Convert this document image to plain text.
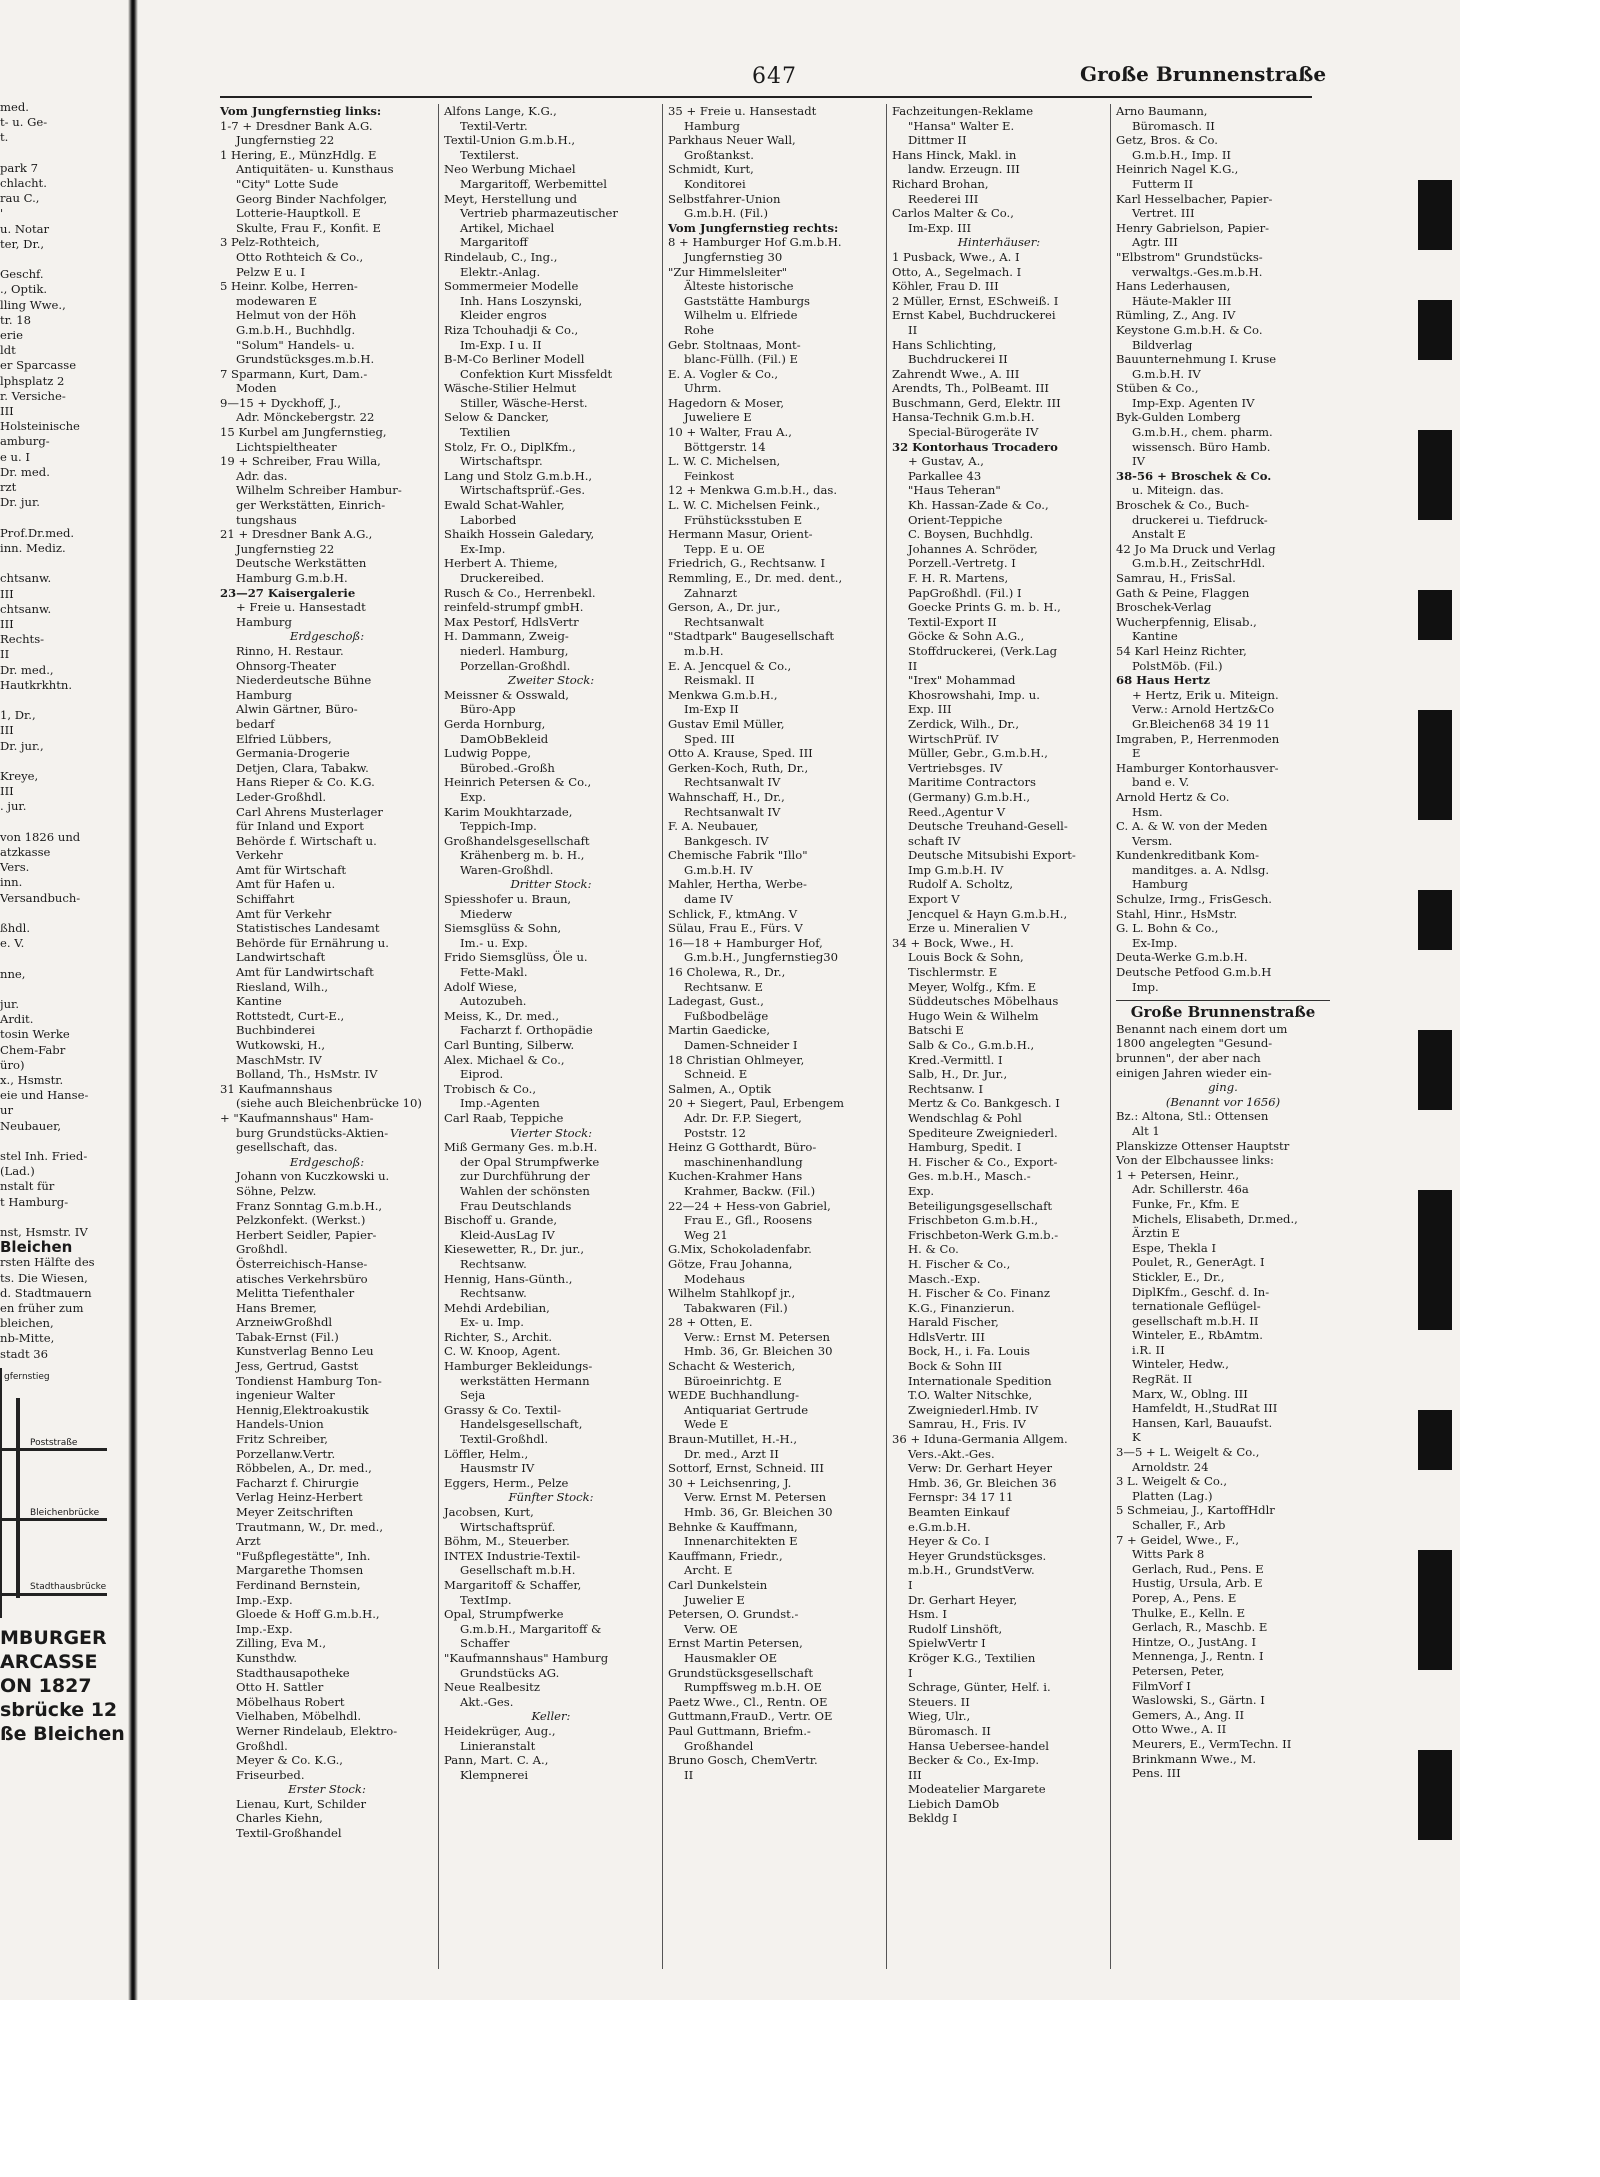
med.
t- u. Ge-
t.

park 7
chlacht.
rau C.,
'
u. Notar
ter, Dr.,

Geschf.
., Optik.
lling Wwe.,
tr. 18
erie
ldt
er Sparcasse
lphsplatz 2
r. Versiche-
III
Holsteinische
amburg-
e u. I
Dr. med.
rzt
Dr. jur.

Prof.Dr.med.
inn. Mediz.

chtsanw.
III
chtsanw.
III
Rechts-
II
Dr. med.,
Hautkrkhtn.

1, Dr.,
III
Dr. jur.,

Kreye,
III
. jur.

von 1826 und
atzkasse
Vers.
inn.
Versandbuch-

ßhdl.
e. V.

nne,

jur.
Ardit.
tosin Werke
Chem-Fabr
üro)
x., Hsmstr.
eie und Hanse-
ur
Neubauer,

stel Inh. Fried-
(Lad.)
nstalt für
t Hamburg-

nst, Hsmstr. IV
Bleichen
rsten Hälfte des
ts. Die Wiesen,
d. Stadtmauern
en früher zum
bleichen,
nb-Mitte,
stadt 36
gfernstieg
Poststraße
Bleichenbrücke
Stadthausbrücke
MBURGER
ARCASSE
ON 1827
sbrücke 12
ße Bleichen
647	Große Brunnenstraße
Vom Jungfernstieg links:
1-7 + Dresdner Bank A.G.
Jungfernstieg 22
1 Hering, E., MünzHdlg. E
Antiquitäten- u. Kunsthaus
"City" Lotte Sude
Georg Binder Nachfolger,
Lotterie-Hauptkoll. E
Skulte, Frau F., Konfit. E
3 Pelz-Rothteich,
Otto Rothteich & Co.,
Pelzw E u. I
5 Heinr. Kolbe, Herren-
modewaren E
Helmut von der Höh
G.m.b.H., Buchhdlg.
"Solum" Handels- u.
Grundstücksges.m.b.H.
7 Sparmann, Kurt, Dam.-
Moden
9—15 + Dyckhoff, J.,
Adr. Mönckebergstr. 22
15 Kurbel am Jungfernstieg,
Lichtspieltheater
19 + Schreiber, Frau Willa,
Adr. das.
Wilhelm Schreiber Hambur-
ger Werkstätten, Einrich-
tungshaus
21 + Dresdner Bank A.G.,
Jungfernstieg 22
Deutsche Werkstätten
Hamburg G.m.b.H.
23—27 Kaisergalerie
+ Freie u. Hansestadt
Hamburg
Erdgeschoß:
Rinno, H. Restaur.
Ohnsorg-Theater
Niederdeutsche Bühne
Hamburg
Alwin Gärtner, Büro-
bedarf
Elfried Lübbers,
Germania-Drogerie
Detjen, Clara, Tabakw.
Hans Rieper & Co. K.G.
Leder-Großhdl.
Carl Ahrens Musterlager
für Inland und Export
Behörde f. Wirtschaft u.
Verkehr
Amt für Wirtschaft
Amt für Hafen u.
Schiffahrt
Amt für Verkehr
Statistisches Landesamt
Behörde für Ernährung u.
Landwirtschaft
Amt für Landwirtschaft
Riesland, Wilh.,
Kantine
Rottstedt, Curt-E.,
Buchbinderei
Wutkowski, H.,
MaschMstr. IV
Bolland, Th., HsMstr. IV
31 Kaufmannshaus
(siehe auch Bleichenbrücke 10)
+ "Kaufmannshaus" Ham-
burg Grundstücks-Aktien-
gesellschaft, das.
Erdgeschoß:
Johann von Kuczkowski u.
Söhne, Pelzw.
Franz Sonntag G.m.b.H.,
Pelzkonfekt. (Werkst.)
Herbert Seidler, Papier-
Großhdl.
Österreichisch-Hanse-
atisches Verkehrsbüro
Melitta Tiefenthaler
Hans Bremer,
ArzneiwGroßhdl
Tabak-Ernst (Fil.)
Kunstverlag Benno Leu
Jess, Gertrud, Gastst
Tondienst Hamburg Ton-
ingenieur Walter
Hennig,Elektroakustik
Handels-Union
Fritz Schreiber,
Porzellanw.Vertr.
Röbbelen, A., Dr. med.,
Facharzt f. Chirurgie
Verlag Heinz-Herbert
Meyer Zeitschriften
Trautmann, W., Dr. med.,
Arzt
"Fußpflegestätte", Inh.
Margarethe Thomsen
Ferdinand Bernstein,
Imp.-Exp.
Gloede & Hoff G.m.b.H.,
Imp.-Exp.
Zilling, Eva M.,
Kunsthdw.
Stadthausapotheke
Otto H. Sattler
Möbelhaus Robert
Vielhaben, Möbelhdl.
Werner Rindelaub, Elektro-
Großhdl.
Meyer & Co. K.G.,
Friseurbed.
Erster Stock:
Lienau, Kurt, Schilder
Charles Kiehn,
Textil-Großhandel
Alfons Lange, K.G.,
Textil-Vertr.
Textil-Union G.m.b.H.,
Textilerst.
Neo Werbung Michael
Margaritoff, Werbemittel
Meyt, Herstellung und
Vertrieb pharmazeutischer
Artikel, Michael
Margaritoff
Rindelaub, C., Ing.,
Elektr.-Anlag.
Sommermeier Modelle
Inh. Hans Loszynski,
Kleider engros
Riza Tchouhadji & Co.,
Im-Exp. I u. II
B-M-Co Berliner Modell
Confektion Kurt Missfeldt
Wäsche-Stilier Helmut
Stiller, Wäsche-Herst.
Selow & Dancker,
Textilien
Stolz, Fr. O., DiplKfm.,
Wirtschaftspr.
Lang und Stolz G.m.b.H.,
Wirtschaftsprüf.-Ges.
Ewald Schat-Wahler,
Laborbed
Shaikh Hossein Galedary,
Ex-Imp.
Herbert A. Thieme,
Druckereibed.
Rusch & Co., Herrenbekl.
reinfeld-strumpf gmbH.
Max Pestorf, HdlsVertr
H. Dammann, Zweig-
niederl. Hamburg,
Porzellan-Großhdl.
Zweiter Stock:
Meissner & Osswald,
Büro-App
Gerda Hornburg,
DamObBekleid
Ludwig Poppe,
Bürobed.-Großh
Heinrich Petersen & Co.,
Exp.
Karim Moukhtarzade,
Teppich-Imp.
Großhandelsgesellschaft
Krähenberg m. b. H.,
Waren-Großhdl.
Dritter Stock:
Spiesshofer u. Braun,
Miederw
Siemsglüss & Sohn,
Im.- u. Exp.
Frido Siemsglüss, Öle u.
Fette-Makl.
Adolf Wiese,
Autozubeh.
Meiss, K., Dr. med.,
Facharzt f. Orthopädie
Carl Bunting, Silberw.
Alex. Michael & Co.,
Eiprod.
Trobisch & Co.,
Imp.-Agenten
Carl Raab, Teppiche
Vierter Stock:
Miß Germany Ges. m.b.H.
der Opal Strumpfwerke
zur Durchführung der
Wahlen der schönsten
Frau Deutschlands
Bischoff u. Grande,
Kleid-AusLag IV
Kiesewetter, R., Dr. jur.,
Rechtsanw.
Hennig, Hans-Günth.,
Rechtsanw.
Mehdi Ardebilian,
Ex- u. Imp.
Richter, S., Archit.
C. W. Knoop, Agent.
Hamburger Bekleidungs-
werkstätten Hermann
Seja
Grassy & Co. Textil-
Handelsgesellschaft,
Textil-Großhdl.
Löffler, Helm.,
Hausmstr IV
Eggers, Herm., Pelze
Fünfter Stock:
Jacobsen, Kurt,
Wirtschaftsprüf.
Böhm, M., Steuerber.
INTEX Industrie-Textil-
Gesellschaft m.b.H.
Margaritoff & Schaffer,
TextImp.
Opal, Strumpfwerke
G.m.b.H., Margaritoff &
Schaffer
"Kaufmannshaus" Hamburg
Grundstücks AG.
Neue Realbesitz
Akt.-Ges.
Keller:
Heidekrüger, Aug.,
Linieranstalt
Pann, Mart. C. A.,
Klempnerei
35 + Freie u. Hansestadt
Hamburg
Parkhaus Neuer Wall,
Großtankst.
Schmidt, Kurt,
Konditorei
Selbstfahrer-Union
G.m.b.H. (Fil.)
Vom Jungfernstieg rechts:
8 + Hamburger Hof G.m.b.H.
Jungfernstieg 30
"Zur Himmelsleiter"
Älteste historische
Gaststätte Hamburgs
Wilhelm u. Elfriede
Rohe
Gebr. Stoltnaas, Mont-
blanc-Füllh. (Fil.) E
E. A. Vogler & Co.,
Uhrm.
Hagedorn & Moser,
Juweliere E
10 + Walter, Frau A.,
Böttgerstr. 14
L. W. C. Michelsen,
Feinkost
12 + Menkwa G.m.b.H., das.
L. W. C. Michelsen Feink.,
Frühstücksstuben E
Hermann Masur, Orient-
Tepp. E u. OE
Friedrich, G., Rechtsanw. I
Remmling, E., Dr. med. dent.,
Zahnarzt
Gerson, A., Dr. jur.,
Rechtsanwalt
"Stadtpark" Baugesellschaft
m.b.H.
E. A. Jencquel & Co.,
Reismakl. II
Menkwa G.m.b.H.,
Im-Exp II
Gustav Emil Müller,
Sped. III
Otto A. Krause, Sped. III
Gerken-Koch, Ruth, Dr.,
Rechtsanwalt IV
Wahnschaff, H., Dr.,
Rechtsanwalt IV
F. A. Neubauer,
Bankgesch. IV
Chemische Fabrik "Illo"
G.m.b.H. IV
Mahler, Hertha, Werbe-
dame IV
Schlick, F., ktmAng. V
Sülau, Frau E., Fürs. V
16—18 + Hamburger Hof,
G.m.b.H., Jungfernstieg30
16 Cholewa, R., Dr.,
Rechtsanw. E
Ladegast, Gust.,
Fußbodbeläge
Martin Gaedicke,
Damen-Schneider I
18 Christian Ohlmeyer,
Schneid. E
Salmen, A., Optik
20 + Siegert, Paul, Erbengem
Adr. Dr. F.P. Siegert,
Poststr. 12
Heinz G Gotthardt, Büro-
maschinenhandlung
Kuchen-Krahmer Hans
Krahmer, Backw. (Fil.)
22—24 + Hess-von Gabriel,
Frau E., Gfl., Roosens
Weg 21
G.Mix, Schokoladenfabr.
Götze, Frau Johanna,
Modehaus
Wilhelm Stahlkopf jr.,
Tabakwaren (Fil.)
28 + Otten, E.
Verw.: Ernst M. Petersen
Hmb. 36, Gr. Bleichen 30
Schacht & Westerich,
Büroeinrichtg. E
WEDE Buchhandlung-
Antiquariat Gertrude
Wede E
Braun-Mutillet, H.-H.,
Dr. med., Arzt II
Sottorf, Ernst, Schneid. III
30 + Leichsenring, J.
Verw. Ernst M. Petersen
Hmb. 36, Gr. Bleichen 30
Behnke & Kauffmann,
Innenarchitekten E
Kauffmann, Friedr.,
Archt. E
Carl Dunkelstein
Juwelier E
Petersen, O. Grundst.-
Verw. OE
Ernst Martin Petersen,
Hausmakler OE
Grundstücksgesellschaft
Rumpffsweg m.b.H. OE
Paetz Wwe., Cl., Rentn. OE
Guttmann,FrauD., Vertr. OE
Paul Guttmann, Briefm.-
Großhandel
Bruno Gosch, ChemVertr.
II
Fachzeitungen-Reklame
"Hansa" Walter E.
Dittmer II
Hans Hinck, Makl. in
landw. Erzeugn. III
Richard Brohan,
Reederei III
Carlos Malter & Co.,
Im-Exp. III
Hinterhäuser:
1 Pusback, Wwe., A. I
Otto, A., Segelmach. I
Köhler, Frau D. III
2 Müller, Ernst, ESchweiß. I
Ernst Kabel, Buchdruckerei
II
Hans Schlichting,
Buchdruckerei II
Zahrendt Wwe., A. III
Arendts, Th., PolBeamt. III
Buschmann, Gerd, Elektr. III
Hansa-Technik G.m.b.H.
Special-Bürogeräte IV
32 Kontorhaus Trocadero
+ Gustav, A.,
Parkallee 43
"Haus Teheran"
Kh. Hassan-Zade & Co.,
Orient-Teppiche
C. Boysen, Buchhdlg.
Johannes A. Schröder,
Porzell.-Vertretg. I
F. H. R. Martens,
PapGroßhdl. (Fil.) I
Goecke Prints G. m. b. H.,
Textil-Export II
Göcke & Sohn A.G.,
Stoffdruckerei, (Verk.Lag
II
"Irex" Mohammad
Khosrowshahi, Imp. u.
Exp. III
Zerdick, Wilh., Dr.,
WirtschPrüf. IV
Müller, Gebr., G.m.b.H.,
Vertriebsges. IV
Maritime Contractors
(Germany) G.m.b.H.,
Reed.,Agentur V
Deutsche Treuhand-Gesell-
schaft IV
Deutsche Mitsubishi Export-
Imp G.m.b.H. IV
Rudolf A. Scholtz,
Export V
Jencquel & Hayn G.m.b.H.,
Erze u. Mineralien V
34 + Bock, Wwe., H.
Louis Bock & Sohn,
Tischlermstr. E
Meyer, Wolfg., Kfm. E
Süddeutsches Möbelhaus
Hugo Wein & Wilhelm
Batschi E
Salb & Co., G.m.b.H.,
Kred.-Vermittl. I
Salb, H., Dr. Jur.,
Rechtsanw. I
Mertz & Co. Bankgesch. I
Wendschlag & Pohl
Spediteure Zweigniederl.
Hamburg, Spedit. I
H. Fischer & Co., Export-
Ges. m.b.H., Masch.-
Exp.
Beteiligungsgesellschaft
Frischbeton G.m.b.H.,
Frischbeton-Werk G.m.b.-
H. & Co.
H. Fischer & Co.,
Masch.-Exp.
H. Fischer & Co. Finanz
K.G., Finanzierun.
Harald Fischer,
HdlsVertr. III
Bock, H., i. Fa. Louis
Bock & Sohn III
Internationale Spedition
T.O. Walter Nitschke,
Zweigniederl.Hmb. IV
Samrau, H., Fris. IV
36 + Iduna-Germania Allgem.
Vers.-Akt.-Ges.
Verw: Dr. Gerhart Heyer
Hmb. 36, Gr. Bleichen 36
Fernspr: 34 17 11
Beamten Einkauf
e.G.m.b.H.
Heyer & Co. I
Heyer Grundstücksges.
m.b.H., GrundstVerw.
I
Dr. Gerhart Heyer,
Hsm. I
Rudolf Linshöft,
SpielwVertr I
Kröger K.G., Textilien
I
Schrage, Günter, Helf. i.
Steuers. II
Wieg, Ulr.,
Büromasch. II
Hansa Uebersee-handel
Becker & Co., Ex-Imp.
III
Modeatelier Margarete
Liebich DamOb
Bekldg I
Arno Baumann,
Büromasch. II
Getz, Bros. & Co.
G.m.b.H., Imp. II
Heinrich Nagel K.G.,
Futterm II
Karl Hesselbacher, Papier-
Vertret. III
Henry Gabrielson, Papier-
Agtr. III
"Elbstrom" Grundstücks-
verwaltgs.-Ges.m.b.H.
Hans Lederhausen,
Häute-Makler III
Rümling, Z., Ang. IV
Keystone G.m.b.H. & Co.
Bildverlag
Bauunternehmung I. Kruse
G.m.b.H. IV
Stüben & Co.,
Imp-Exp. Agenten IV
Byk-Gulden Lomberg
G.m.b.H., chem. pharm.
wissensch. Büro Hamb.
IV
38-56 + Broschek & Co.
u. Miteign. das.
Broschek & Co., Buch-
druckerei u. Tiefdruck-
Anstalt E
42 Jo Ma Druck und Verlag
G.m.b.H., ZeitschrHdl.
Samrau, H., FrisSal.
Gath & Peine, Flaggen
Broschek-Verlag
Wucherpfennig, Elisab.,
Kantine
54 Karl Heinz Richter,
PolstMöb. (Fil.)
68 Haus Hertz
+ Hertz, Erik u. Miteign.
Verw.: Arnold Hertz&Co
Gr.Bleichen68 34 19 11
Imgraben, P., Herrenmoden
E
Hamburger Kontorhausver-
band e. V.
Arnold Hertz & Co.
Hsm.
C. A. & W. von der Meden
Versm.
Kundenkreditbank Kom-
manditges. a. A. Ndlsg.
Hamburg
Schulze, Irmg., FrisGesch.
Stahl, Hinr., HsMstr.
G. L. Bohn & Co.,
Ex-Imp.
Deuta-Werke G.m.b.H.
Deutsche Petfood G.m.b.H
Imp.
Große Brunnenstraße
Benannt nach einem dort um
1800 angelegten "Gesund-
brunnen", der aber nach
einigen Jahren wieder ein-
ging.
(Benannt vor 1656)
Bz.: Altona, Stl.: Ottensen
Alt 1
Planskizze Ottenser Hauptstr
Von der Elbchaussee links:
1 + Petersen, Heinr.,
Adr. Schillerstr. 46a
Funke, Fr., Kfm. E
Michels, Elisabeth, Dr.med.,
Ärztin E
Espe, Thekla I
Poulet, R., GenerAgt. I
Stickler, E., Dr.,
DiplKfm., Geschf. d. In-
ternationale Geflügel-
gesellschaft m.b.H. II
Winteler, E., RbAmtm.
i.R. II
Winteler, Hedw.,
RegRät. II
Marx, W., Oblng. III
Hamfeldt, H.,StudRat III
Hansen, Karl, Bauaufst.
K
3—5 + L. Weigelt & Co.,
Arnoldstr. 24
3 L. Weigelt & Co.,
Platten (Lag.)
5 Schmeiau, J., KartoffHdlr
Schaller, F., Arb
7 + Geidel, Wwe., F.,
Witts Park 8
Gerlach, Rud., Pens. E
Hustig, Ursula, Arb. E
Porep, A., Pens. E
Thulke, E., Kelln. E
Gerlach, R., Maschb. E
Hintze, O., JustAng. I
Mennenga, J., Rentn. I
Petersen, Peter,
FilmVorf I
Waslowski, S., Gärtn. I
Gemers, A., Ang. II
Otto Wwe., A. II
Meurers, E., VermTechn. II
Brinkmann Wwe., M.
Pens. III
